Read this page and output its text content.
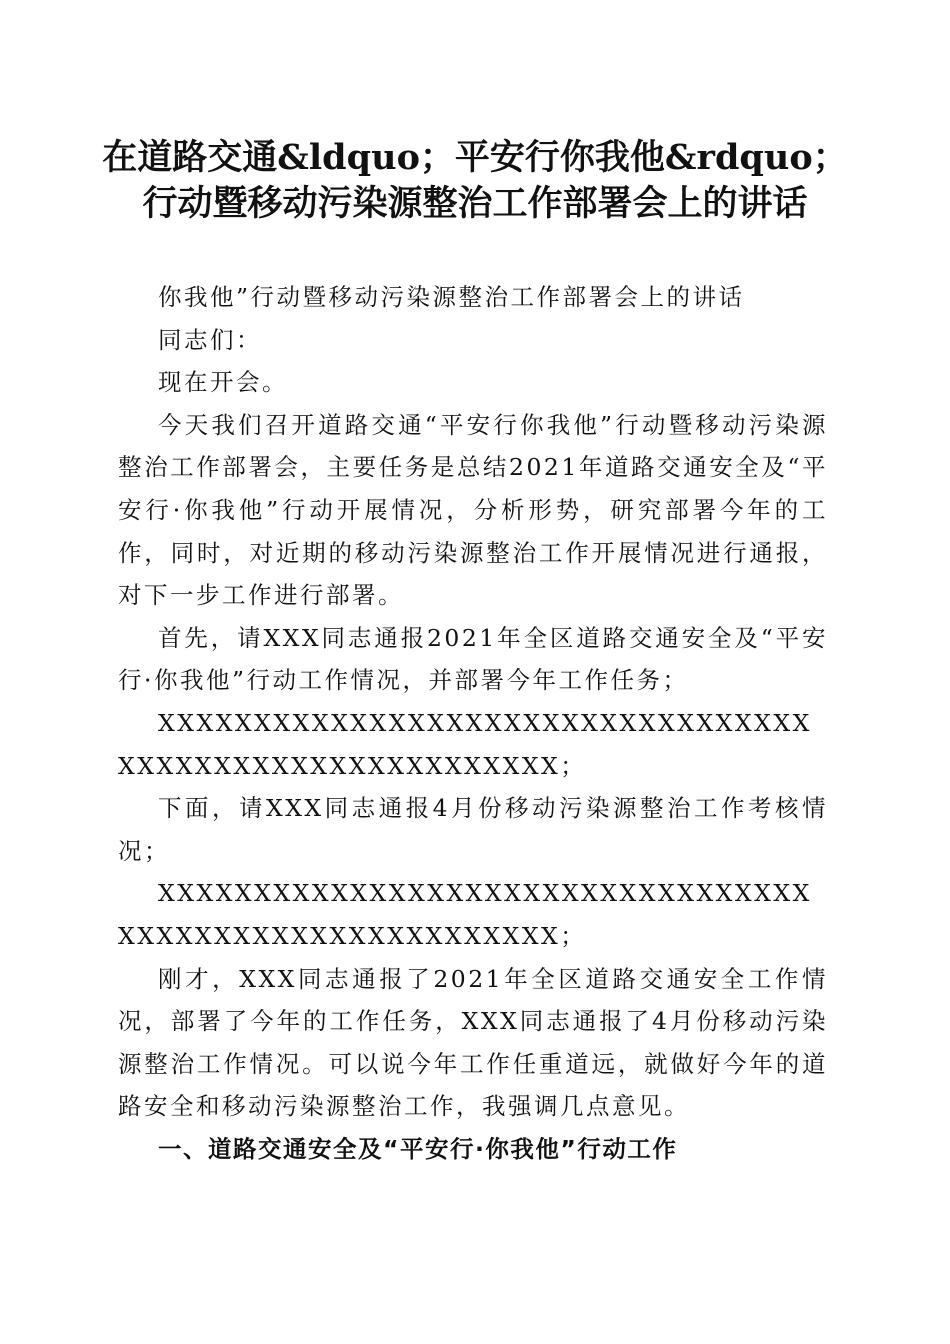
在道路交通&ldquo；平安行你我他&rdquo；
行动暨移动污染源整治工作部署会上的讲话

你我他”行动暨移动污染源整治工作部署会上的讲话

同志们：

现在开会。

今天我们召开道路交通“平安行你我他”行动暨移动污染源整治工作部署会，主要任务是总结2021年道路交通安全及“平安行·你我他”行动开展情况，分析形势，研究部署今年的工作，同时，对近期的移动污染源整治工作开展情况进行通报，对下一步工作进行部署。

首先，请XXX同志通报2021年全区道路交通安全及“平安行·你我他”行动工作情况，并部署今年工作任务；

XXXXXXXXXXXXXXXXXXXXXXXXXXXXXXXXXXXXXXXXXXXXXXXXXXXXXXXXX；

下面，请XXX同志通报4月份移动污染源整治工作考核情况；

XXXXXXXXXXXXXXXXXXXXXXXXXXXXXXXXXXXXXXXXXXXXXXXXXXXXXXXXX；

刚才，XXX同志通报了2021年全区道路交通安全工作情况，部署了今年的工作任务，XXX同志通报了4月份移动污染源整治工作情况。可以说今年工作任重道远，就做好今年的道路安全和移动污染源整治工作，我强调几点意见。

一、道路交通安全及“平安行·你我他”行动工作
